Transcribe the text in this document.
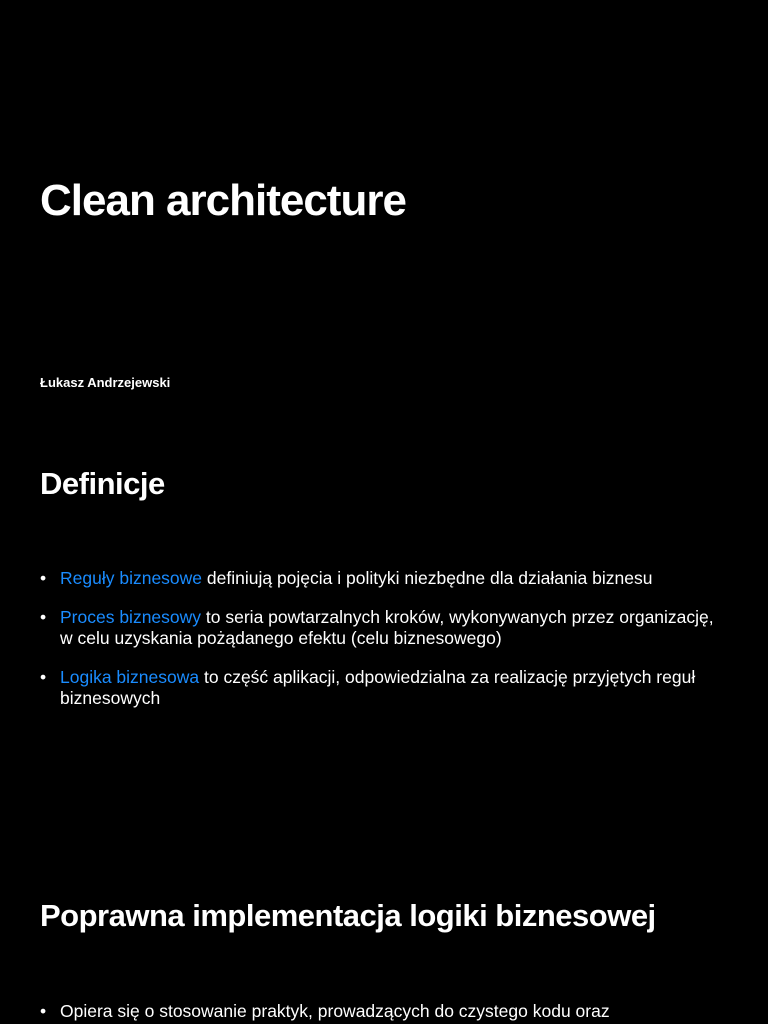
Clean architecture
Łukasz Andrzejewski
Definicje
• Reguły biznesowe definiują pojęcia i polityki niezbędne dla działania biznesu
• Proces biznesowy to seria powtarzalnych kroków, wykonywanych przez organizację, w celu uzyskania pożądanego efektu (celu biznesowego)
• Logika biznesowa to część aplikacji, odpowiedzialna za realizację przyjętych reguł biznesowych
Poprawna implementacja logiki biznesowej
• Opiera się o stosowanie praktyk, prowadzących do czystego kodu oraz
